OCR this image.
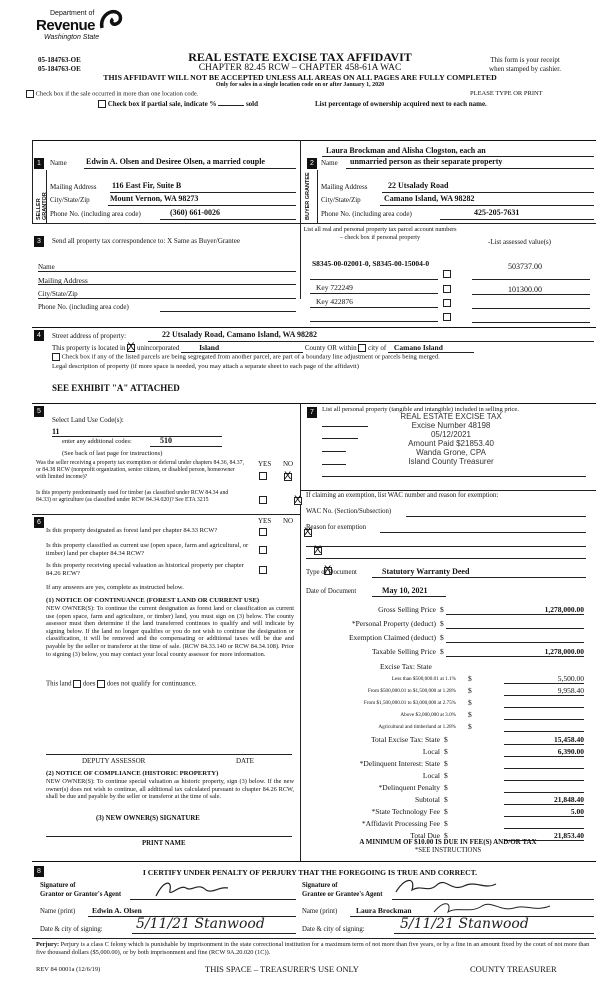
Department of
Revenue
Washington State
05-184763-OE
05-184763-OE
REAL ESTATE EXCISE TAX AFFIDAVIT
CHAPTER 82.45 RCW – CHAPTER 458-61A WAC
This form is your receipt
when stamped by cashier.
THIS AFFIDAVIT WILL NOT BE ACCEPTED UNLESS ALL AREAS ON ALL PAGES ARE FULLY COMPLETED
Only for sales in a single location code on or after January 1, 2020
Check box if the sale occurred in more than one location code.	PLEASE TYPE OR PRINT
Check box if partial sale, indicate %	sold	List percentage of ownership acquired next to each name.
1
SELLER GRANTOR
Name Edwin A. Olsen and Desiree Olsen, a married couple
Mailing Address 116 East Fir, Suite B
City/State/Zip	Mount Vernon, WA 98273
Phone No. (including area code)	(360) 661-0026
2
BUYER GRANTEE
Laura Brockman and Alisha Clogston, each an
Name unmarried person as their separate property
Mailing Address	22 Utsalady Road
City/State/Zip	Camano Island, WA 98282
Phone No. (including area code)	425-205-7631
3	Send all property tax correspondence to: X Same as Buyer/Grantee
List all real and personal property tax parcel account numbers – check box if personal property
-List assessed value(s)
Name
Mailing Address
City/State/Zip
S8345-00-02001-0, S8345-00-15004-0	503737.00
Key 722249	101300.00
Key 422876
Phone No. (including area code)
4	Street address of property:	22 Utsalady Road, Camano Island, WA 98282
This property is located in X unincorporated	Island	County OR within city of Camano Island
Check box if any of the listed parcels are being segregated from another parcel, are part of a boundary line adjustment or parcels being merged.
Legal description of property (if more space is needed, you may attach a separate sheet to each page of the affidavit)
SEE EXHIBIT "A" ATTACHED
5
Select Land Use Code(s):
11
enter any additional codes:	510
(See back of last page for instructions)
YES NO
Was the seller receiving a property tax exemption or deferral under chapters 84.36, 84.37, or 84.38 RCW (nonprofit organization, senior citizen, or disabled person, homeowner with limited income)?
X
Is this property predominantly used for timber (as classified under RCW 84.34 and 84.33) or agriculture (as classified under RCW 84.34.020)? See ETA 3215
X
6	YES NO
Is this property designated as forest land per chapter 84.33 RCW?
X
Is this property classified as current use (open space, farm and agricultural, or timber) land per chapter 84.34 RCW?
X
Is this property receiving special valuation as historical property per chapter 84.26 RCW?
X
If any answers are yes, complete as instructed below.
(1) NOTICE OF CONTINUANCE (FOREST LAND OR CURRENT USE)
NEW OWNER(S): To continue the current designation as forest land or classification as current use (open space, farm and agriculture, or timber) land, you must sign on (3) below. The county assessor must then determine if the land transferred continues to qualify and will indicate by signing below. If the land no longer qualifies or you do not wish to continue the designation or classification, it will be removed and the compensating or additional taxes will be due and payable by the seller or transferor at the time of sale. (RCW 84.33.140 or RCW 84.34.108). Prior to signing (3) below, you may contact your local county assessor for more information.
This land does does not qualify for continuance.
DEPUTY ASSESSOR	DATE
(2) NOTICE OF COMPLIANCE (HISTORIC PROPERTY)
NEW OWNER(S): To continue special valuation as historic property, sign (3) below. If the new owner(s) does not wish to continue, all additional tax calculated pursuant to chapter 84.26 RCW, shall be due and payable by the seller or transferor at the time of sale.
(3) NEW OWNER(S) SIGNATURE
PRINT NAME
7	List all personal property (tangible and intangible) included in selling price.
REAL ESTATE EXCISE TAX
Excise Number 48198
05/12/2021
Amount Paid $21853.40
Wanda Grone, CPA
Island County Treasurer
If claiming an exemption, list WAC number and reason for exemption:
WAC No. (Section/Subsection)
Reason for exemption
Type of Document	Statutory Warranty Deed
Date of Document	May 10, 2021
Gross Selling Price $	1,278,000.00
*Personal Property (deduct) $
Exemption Claimed (deduct) $
Taxable Selling Price $	1,278,000.00
Excise Tax: State
Less than $500,000.01 at 1.1% $	5,500.00
From $500,000.01 to $1,500,000 at 1.28% $	9,958.40
From $1,500,000.01 to $3,000,000 at 2.75% $
Above $3,000,000 at 3.0% $
Agricultural and timberland at 1.28% $
Total Excise Tax: State $	15,458.40
Local $	6,390.00
*Delinquent Interest: State $
Local $
*Delinquent Penalty $
Subtotal $	21,848.40
*State Technology Fee $	5.00
*Affidavit Processing Fee $
Total Due $	21,853.40
A MINIMUM OF $10.00 IS DUE IN FEE(S) AND/OR TAX
*SEE INSTRUCTIONS
8	I CERTIFY UNDER PENALTY OF PERJURY THAT THE FOREGOING IS TRUE AND CORRECT.
Signature of
Grantor or Grantor's Agent
Name (print) Edwin A. Olsen
Date & city of signing: 5/11/21 Stanwood
Signature of
Grantee or Grantee's Agent
Name (print) Laura Brockman
Date & city of signing:	5/11/21 Stanwood
Perjury: Perjury is a class C felony which is punishable by imprisonment in the state correctional institution for a maximum term of not more than five years, or by a fine in an amount fixed by the court of not more than five thousand dollars ($5,000.00), or by both imprisonment and fine (RCW 9A.20.020 (1C)).
REV 84 0001a (12/6/19)	THIS SPACE – TREASURER'S USE ONLY	COUNTY TREASURER
